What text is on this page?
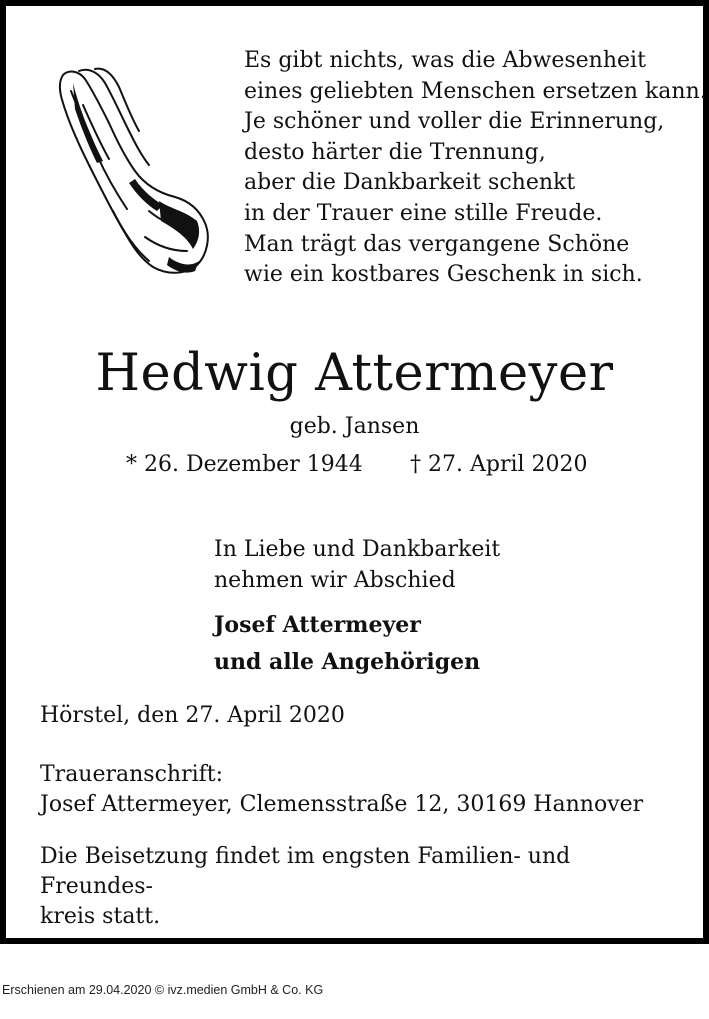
Es gibt nichts, was die Abwesenheit
eines geliebten Menschen ersetzen kann.
Je schöner und voller die Erinnerung,
desto härter die Trennung,
aber die Dankbarkeit schenkt
in der Trauer eine stille Freude.
Man trägt das vergangene Schöne
wie ein kostbares Geschenk in sich.
Hedwig Attermeyer
geb. Jansen
* 26. Dezember 1944 † 27. April 2020
In Liebe und Dankbarkeit
nehmen wir Abschied
Josef Attermeyer
und alle Angehörigen
Hörstel, den 27. April 2020
Traueranschrift:
Josef Attermeyer, Clemensstraße 12, 30169 Hannover
Die Beisetzung findet im engsten Familien- und Freundes-
kreis statt.
Erschienen am 29.04.2020 © ivz.medien GmbH & Co. KG
